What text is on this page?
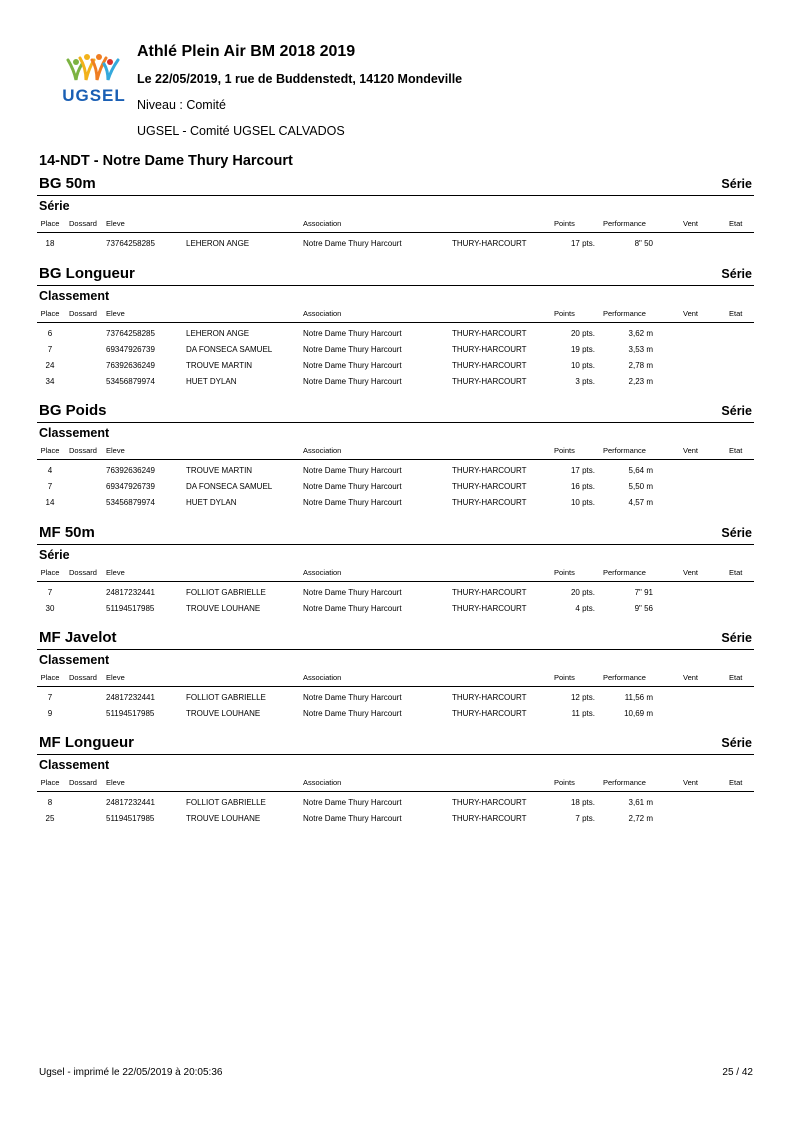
UGSEL
Athlé Plein Air BM 2018 2019
Le 22/05/2019, 1 rue de Buddenstedt, 14120 Mondeville
Niveau : Comité
UGSEL - Comité UGSEL CALVADOS
14-NDT - Notre Dame Thury Harcourt
BG 50m	Série
Série
Place	Dossard Eleve	Association	Points	Performance	Vent	Etat
18	73764258285	LEHERON ANGE	Notre Dame Thury Harcourt	THURY-HARCOURT	17 pts.	8" 50
BG Longueur	Série
Classement
Place	Dossard Eleve	Association	Points	Performance	Vent	Etat
6	73764258285	LEHERON ANGE	Notre Dame Thury Harcourt	THURY-HARCOURT	20 pts.	3,62 m
7	69347926739	DA FONSECA SAMUEL	Notre Dame Thury Harcourt	THURY-HARCOURT	19 pts.	3,53 m
24	76392636249	TROUVE MARTIN	Notre Dame Thury Harcourt	THURY-HARCOURT	10 pts.	2,78 m
34	53456879974	HUET DYLAN	Notre Dame Thury Harcourt	THURY-HARCOURT	3 pts.	2,23 m
BG Poids	Série
Classement
Place	Dossard Eleve	Association	Points	Performance	Vent	Etat
4	76392636249	TROUVE MARTIN	Notre Dame Thury Harcourt	THURY-HARCOURT	17 pts.	5,64 m
7	69347926739	DA FONSECA SAMUEL	Notre Dame Thury Harcourt	THURY-HARCOURT	16 pts.	5,50 m
14	53456879974	HUET DYLAN	Notre Dame Thury Harcourt	THURY-HARCOURT	10 pts.	4,57 m
MF 50m	Série
Série
Place	Dossard Eleve	Association	Points	Performance	Vent	Etat
7	24817232441	FOLLIOT GABRIELLE	Notre Dame Thury Harcourt	THURY-HARCOURT	20 pts.	7" 91
30	51194517985	TROUVE LOUHANE	Notre Dame Thury Harcourt	THURY-HARCOURT	4 pts.	9" 56
MF Javelot	Série
Classement
Place	Dossard Eleve	Association	Points	Performance	Vent	Etat
7	24817232441	FOLLIOT GABRIELLE	Notre Dame Thury Harcourt	THURY-HARCOURT	12 pts.	11,56 m
9	51194517985	TROUVE LOUHANE	Notre Dame Thury Harcourt	THURY-HARCOURT	11 pts.	10,69 m
MF Longueur	Série
Classement
Place	Dossard Eleve	Association	Points	Performance	Vent	Etat
8	24817232441	FOLLIOT GABRIELLE	Notre Dame Thury Harcourt	THURY-HARCOURT	18 pts.	3,61 m
25	51194517985	TROUVE LOUHANE	Notre Dame Thury Harcourt	THURY-HARCOURT	7 pts.	2,72 m
Ugsel - imprimé le 22/05/2019 à 20:05:36	25 / 42
